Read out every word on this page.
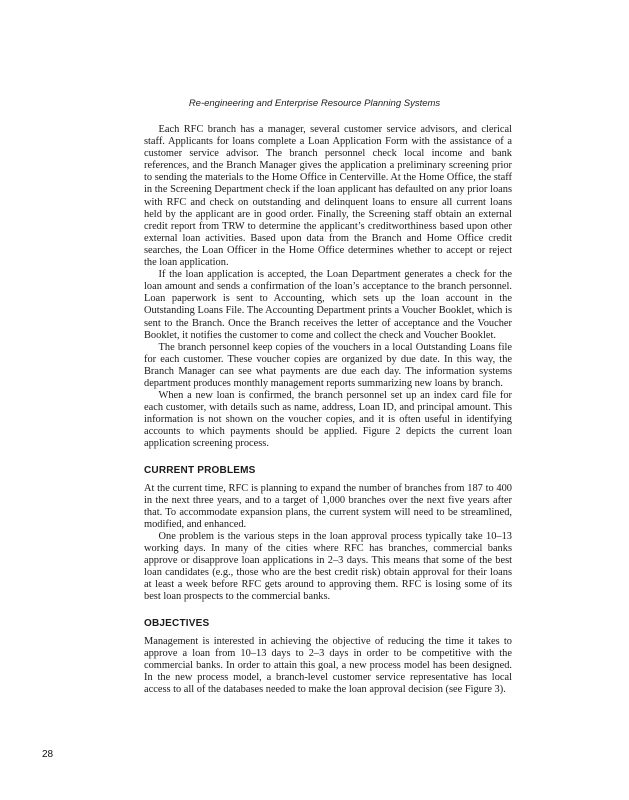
Re-engineering and Enterprise Resource Planning Systems

Each RFC branch has a manager, several customer service advisors, and clerical staff. Applicants for loans complete a Loan Application Form with the assistance of a customer service advisor. The branch personnel check local income and bank references, and the Branch Manager gives the application a preliminary screening prior to sending the materials to the Home Office in Centerville. At the Home Office, the staff in the Screening Department check if the loan applicant has defaulted on any prior loans with RFC and check on outstanding and delinquent loans to ensure all current loans held by the applicant are in good order. Finally, the Screening staff obtain an external credit report from TRW to determine the applicant’s creditworthiness based upon other external loan activities. Based upon data from the Branch and Home Office credit searches, the Loan Officer in the Home Office determines whether to accept or reject the loan application.

If the loan application is accepted, the Loan Department generates a check for the loan amount and sends a confirmation of the loan’s acceptance to the branch personnel. Loan paperwork is sent to Accounting, which sets up the loan account in the Outstanding Loans File. The Accounting Department prints a Voucher Booklet, which is sent to the Branch. Once the Branch receives the letter of acceptance and the Voucher Booklet, it notifies the customer to come and collect the check and Voucher Booklet.

The branch personnel keep copies of the vouchers in a local Outstanding Loans file for each customer. These voucher copies are organized by due date. In this way, the Branch Manager can see what payments are due each day. The information systems department produces monthly management reports summarizing new loans by branch.

When a new loan is confirmed, the branch personnel set up an index card file for each customer, with details such as name, address, Loan ID, and principal amount. This information is not shown on the voucher copies, and it is often useful in identifying accounts to which payments should be applied. Figure 2 depicts the current loan application screening process.

CURRENT PROBLEMS

At the current time, RFC is planning to expand the number of branches from 187 to 400 in the next three years, and to a target of 1,000 branches over the next five years after that. To accommodate expansion plans, the current system will need to be streamlined, modified, and enhanced.

One problem is the various steps in the loan approval process typically take 10–13 working days. In many of the cities where RFC has branches, commercial banks approve or disapprove loan applications in 2–3 days. This means that some of the best loan candidates (e.g., those who are the best credit risk) obtain approval for their loans at least a week before RFC gets around to approving them. RFC is losing some of its best loan prospects to the commercial banks.

OBJECTIVES

Management is interested in achieving the objective of reducing the time it takes to approve a loan from 10–13 days to 2–3 days in order to be competitive with the commercial banks. In order to attain this goal, a new process model has been designed. In the new process model, a branch-level customer service representative has local access to all of the databases needed to make the loan approval decision (see Figure 3).

28
